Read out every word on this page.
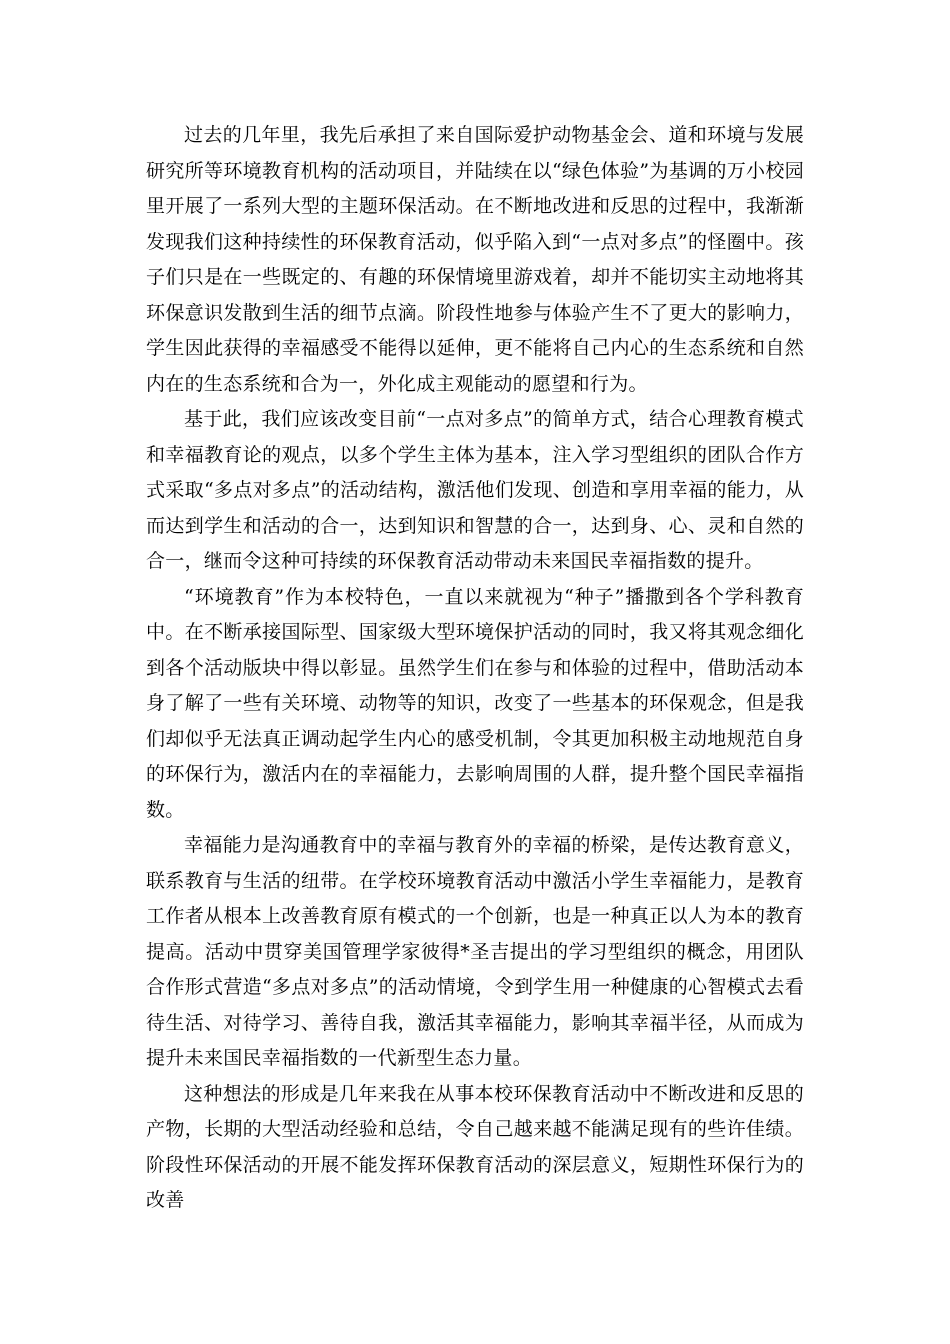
过去的几年里，我先后承担了来自国际爱护动物基金会、道和环境与发展研究所等环境教育机构的活动项目，并陆续在以“绿色体验”为基调的万小校园里开展了一系列大型的主题环保活动。在不断地改进和反思的过程中，我渐渐发现我们这种持续性的环保教育活动，似乎陷入到“一点对多点”的怪圈中。孩子们只是在一些既定的、有趣的环保情境里游戏着，却并不能切实主动地将其环保意识发散到生活的细节点滴。阶段性地参与体验产生不了更大的影响力，学生因此获得的幸福感受不能得以延伸，更不能将自己内心的生态系统和自然内在的生态系统和合为一，外化成主观能动的愿望和行为。

基于此，我们应该改变目前“一点对多点”的简单方式，结合心理教育模式和幸福教育论的观点，以多个学生主体为基本，注入学习型组织的团队合作方式采取“多点对多点”的活动结构，激活他们发现、创造和享用幸福的能力，从而达到学生和活动的合一，达到知识和智慧的合一，达到身、心、灵和自然的合一，继而令这种可持续的环保教育活动带动未来国民幸福指数的提升。

“环境教育”作为本校特色，一直以来就视为“种子”播撒到各个学科教育中。在不断承接国际型、国家级大型环境保护活动的同时，我又将其观念细化到各个活动版块中得以彰显。虽然学生们在参与和体验的过程中，借助活动本身了解了一些有关环境、动物等的知识，改变了一些基本的环保观念，但是我们却似乎无法真正调动起学生内心的感受机制，令其更加积极主动地规范自身的环保行为，激活内在的幸福能力，去影响周围的人群，提升整个国民幸福指数。

幸福能力是沟通教育中的幸福与教育外的幸福的桥梁，是传达教育意义，联系教育与生活的纽带。在学校环境教育活动中激活小学生幸福能力，是教育工作者从根本上改善教育原有模式的一个创新，也是一种真正以人为本的教育提高。活动中贯穿美国管理学家彼得*圣吉提出的学习型组织的概念，用团队合作形式营造“多点对多点”的活动情境，令到学生用一种健康的心智模式去看待生活、对待学习、善待自我，激活其幸福能力，影响其幸福半径，从而成为提升未来国民幸福指数的一代新型生态力量。

这种想法的形成是几年来我在从事本校环保教育活动中不断改进和反思的产物，长期的大型活动经验和总结，令自己越来越不能满足现有的些许佳绩。阶段性环保活动的开展不能发挥环保教育活动的深层意义，短期性环保行为的改善
